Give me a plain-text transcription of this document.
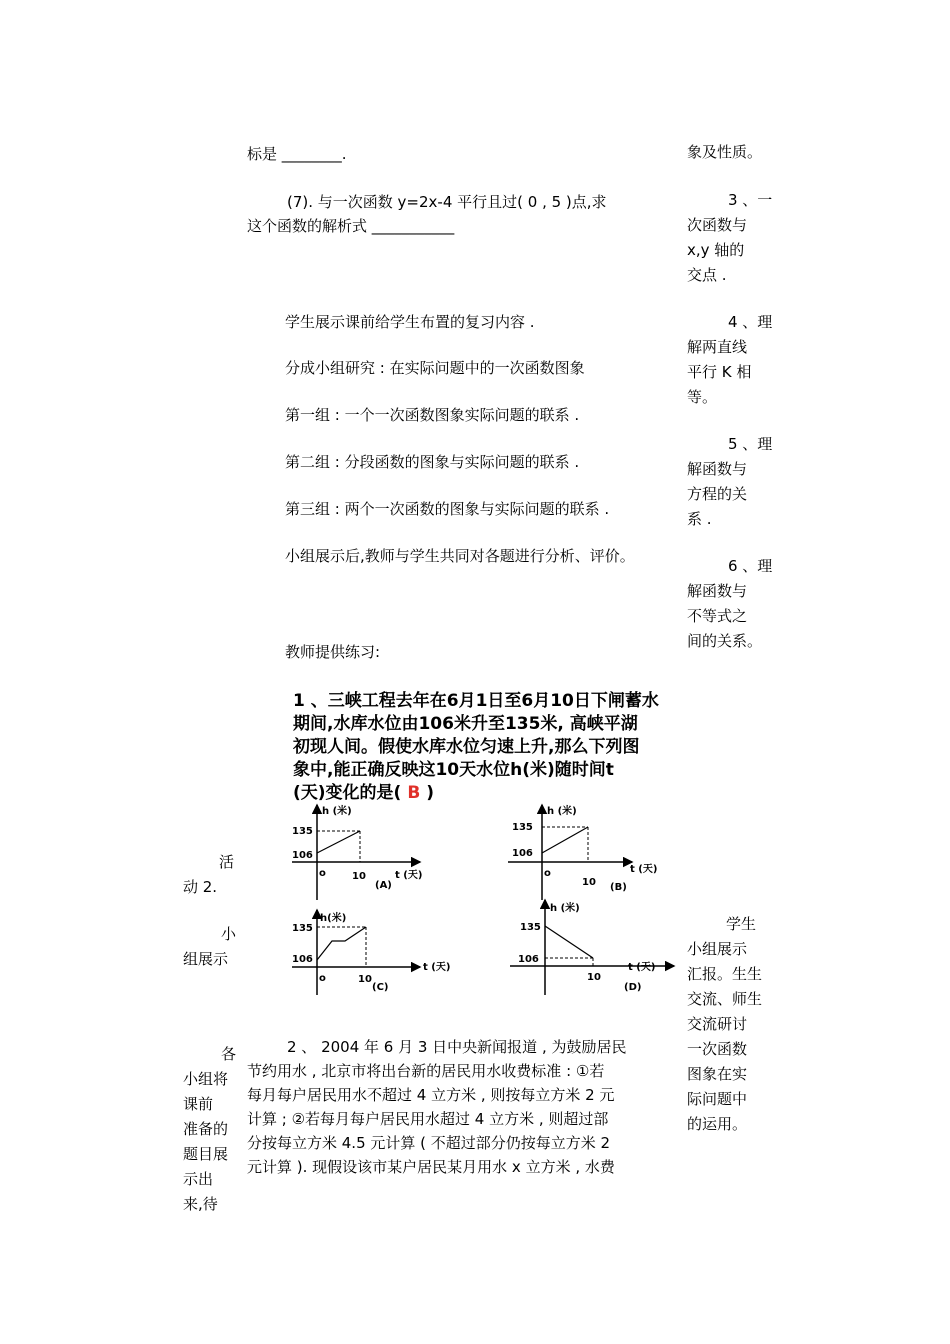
标是 ________.
(7). 与一次函数 y=2x-4 平行且过( 0 , 5 )点,求
这个函数的解析式 ___________
学生展示课前给学生布置的复习内容 .
分成小组研究 : 在实际问题中的一次函数图象
第一组 : 一个一次函数图象实际问题的联系 .
第二组 : 分段函数的图象与实际问题的联系 .
第三组 : 两个一次函数的图象与实际问题的联系 .
小组展示后,教师与学生共同对各题进行分析、评价。
教师提供练习:
象及性质。
3 、一
次函数与
x,y 轴的
交点 .
4 、理
解两直线
平行 K 相
等。
5 、理
解函数与
方程的关
系 .
6 、理
解函数与
不等式之
间的关系。
学生
小组展示
汇报。生生
交流、师生
交流研讨
一次函数
图象在实
际问题中
的运用。
活
动 2.
小
组展示
各
小组将
课前
准备的
题目展
示出
来,待
1 、三峡工程去年在6月1日至6月10日下闸蓄水
期间,水库水位由106米升至135米, 高峡平湖
初现人间。假使水库水位匀速上升,那么下列图
象中,能正确反映这10天水位h(米)随时间t
(天)变化的是( B )
h (米)
135
106
o	10	t (天)
(A)
h (米)
135
106
o
10
t (天)
(B)
h(米)
135
106
o	10
t (天)
(C)
h (米)
135
106
10
t (天)
(D)
2 、 2004 年 6 月 3 日中央新闻报道 , 为鼓励居民
节约用水 , 北京市将出台新的居民用水收费标准 : ①若
每月每户居民用水不超过 4 立方米 , 则按每立方米 2 元
计算 ; ②若每月每户居民用水超过 4 立方米 , 则超过部
分按每立方米 4.5 元计算 ( 不超过部分仍按每立方米 2
元计算 ). 现假设该市某户居民某月用水 x 立方米 , 水费
